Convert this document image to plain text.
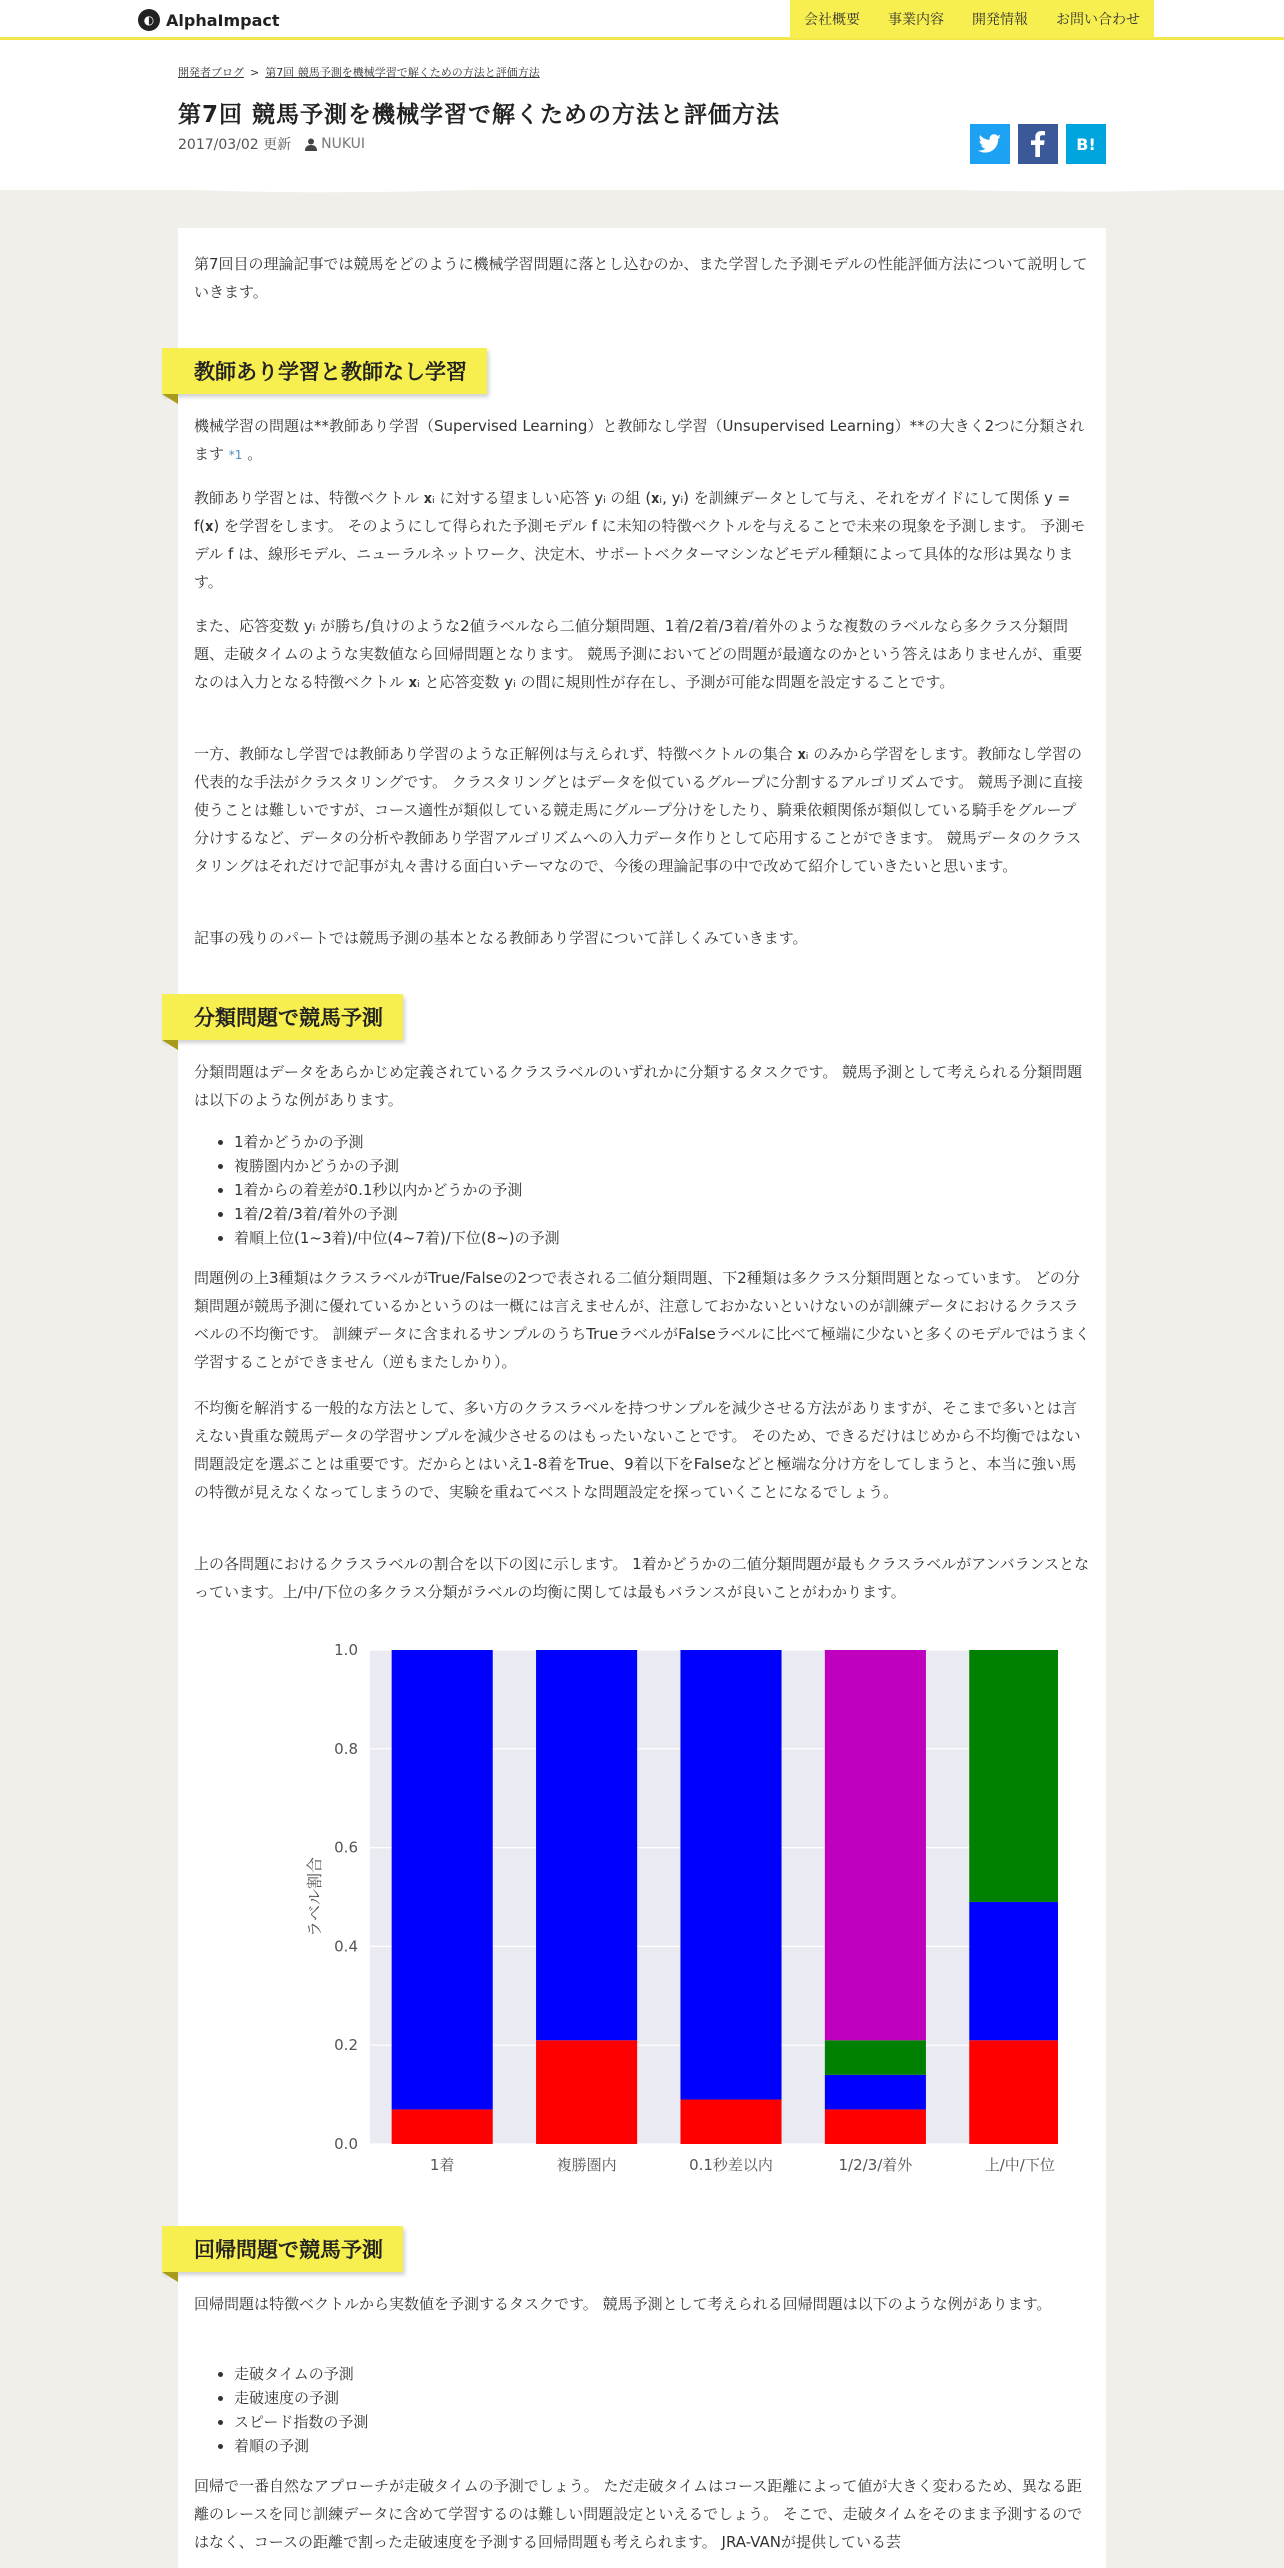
◐ AlphaImpact	会社概要	事業内容	開発情報	お問い合わせ
開発者ブログ > 第7回 競馬予測を機械学習で解くための方法と評価方法
第7回 競馬予測を機械学習で解くための方法と評価方法
2017/03/02 更新 NUKUI	B!
第7回目の理論記事では競馬をどのように機械学習問題に落とし込むのか、また学習した予測モデルの性能評価方法について説明していきます。
教師あり学習と教師なし学習
機械学習の問題は**教師あり学習（Supervised Learning）と教師なし学習（Unsupervised Learning）**の大きく2つに分類されます *1 。
教師あり学習とは、特徴ベクトル 𝐱ᵢ に対する望ましい応答 yᵢ の組 (𝐱ᵢ, yᵢ) を訓練データとして与え、それをガイドにして関係 y = f(𝐱) を学習をします。 そのようにして得られた予測モデル f に未知の特徴ベクトルを与えることで未来の現象を予測します。 予測モデル f は、線形モデル、ニューラルネットワーク、決定木、サポートベクターマシンなどモデル種類によって具体的な形は異なります。
また、応答変数 yᵢ が勝ち/負けのような2値ラベルなら二値分類問題、1着/2着/3着/着外のような複数のラベルなら多クラス分類問題、走破タイムのような実数値なら回帰問題となります。 競馬予測においてどの問題が最適なのかという答えはありませんが、重要なのは入力となる特徴ベクトル 𝐱ᵢ と応答変数 yᵢ の間に規則性が存在し、予測が可能な問題を設定することです。
一方、教師なし学習では教師あり学習のような正解例は与えられず、特徴ベクトルの集合 𝐱ᵢ のみから学習をします。教師なし学習の代表的な手法がクラスタリングです。 クラスタリングとはデータを似ているグループに分割するアルゴリズムです。 競馬予測に直接使うことは難しいですが、コース適性が類似している競走馬にグループ分けをしたり、騎乗依頼関係が類似している騎手をグループ分けするなど、データの分析や教師あり学習アルゴリズムへの入力データ作りとして応用することができます。 競馬データのクラスタリングはそれだけで記事が丸々書ける面白いテーマなので、今後の理論記事の中で改めて紹介していきたいと思います。
記事の残りのパートでは競馬予測の基本となる教師あり学習について詳しくみていきます。
分類問題で競馬予測
分類問題はデータをあらかじめ定義されているクラスラベルのいずれかに分類するタスクです。 競馬予測として考えられる分類問題は以下のような例があります。
• 1着かどうかの予測
• 複勝圏内かどうかの予測
• 1着からの着差が0.1秒以内かどうかの予測
• 1着/2着/3着/着外の予測
• 着順上位(1~3着)/中位(4~7着)/下位(8~)の予測
問題例の上3種類はクラスラベルがTrue/Falseの2つで表される二値分類問題、下2種類は多クラス分類問題となっています。 どの分類問題が競馬予測に優れているかというのは一概には言えませんが、注意しておかないといけないのが訓練データにおけるクラスラベルの不均衡です。 訓練データに含まれるサンプルのうちTrueラベルがFalseラベルに比べて極端に少ないと多くのモデルではうまく学習することができません（逆もまたしかり）。
不均衡を解消する一般的な方法として、多い方のクラスラベルを持つサンプルを減少させる方法がありますが、そこまで多いとは言えない貴重な競馬データの学習サンプルを減少させるのはもったいないことです。 そのため、できるだけはじめから不均衡ではない問題設定を選ぶことは重要です。だからとはいえ1-8着をTrue、9着以下をFalseなどと極端な分け方をしてしまうと、本当に強い馬の特徴が見えなくなってしまうので、実験を重ねてベストな問題設定を探っていくことになるでしょう。
上の各問題におけるクラスラベルの割合を以下の図に示します。 1着かどうかの二値分類問題が最もクラスラベルがアンバランスとなっています。上/中/下位の多クラス分類がラベルの均衡に関しては最もバランスが良いことがわかります。
0.0
0.2
0.4
0.6
0.8
1.0
1着	複勝圏内	0.1秒差以内	1/2/3/着外	上/中/下位
ラベル割合
回帰問題で競馬予測
回帰問題は特徴ベクトルから実数値を予測するタスクです。 競馬予測として考えられる回帰問題は以下のような例があります。
• 走破タイムの予測
• 走破速度の予測
• スピード指数の予測
• 着順の予測
回帰で一番自然なアプローチが走破タイムの予測でしょう。 ただ走破タイムはコース距離によって値が大きく変わるため、異なる距離のレースを同じ訓練データに含めて学習するのは難しい問題設定といえるでしょう。 そこで、走破タイムをそのまま予測するのではなく、コースの距離で割った走破速度を予測する回帰問題も考えられます。 JRA-VANが提供している芸
